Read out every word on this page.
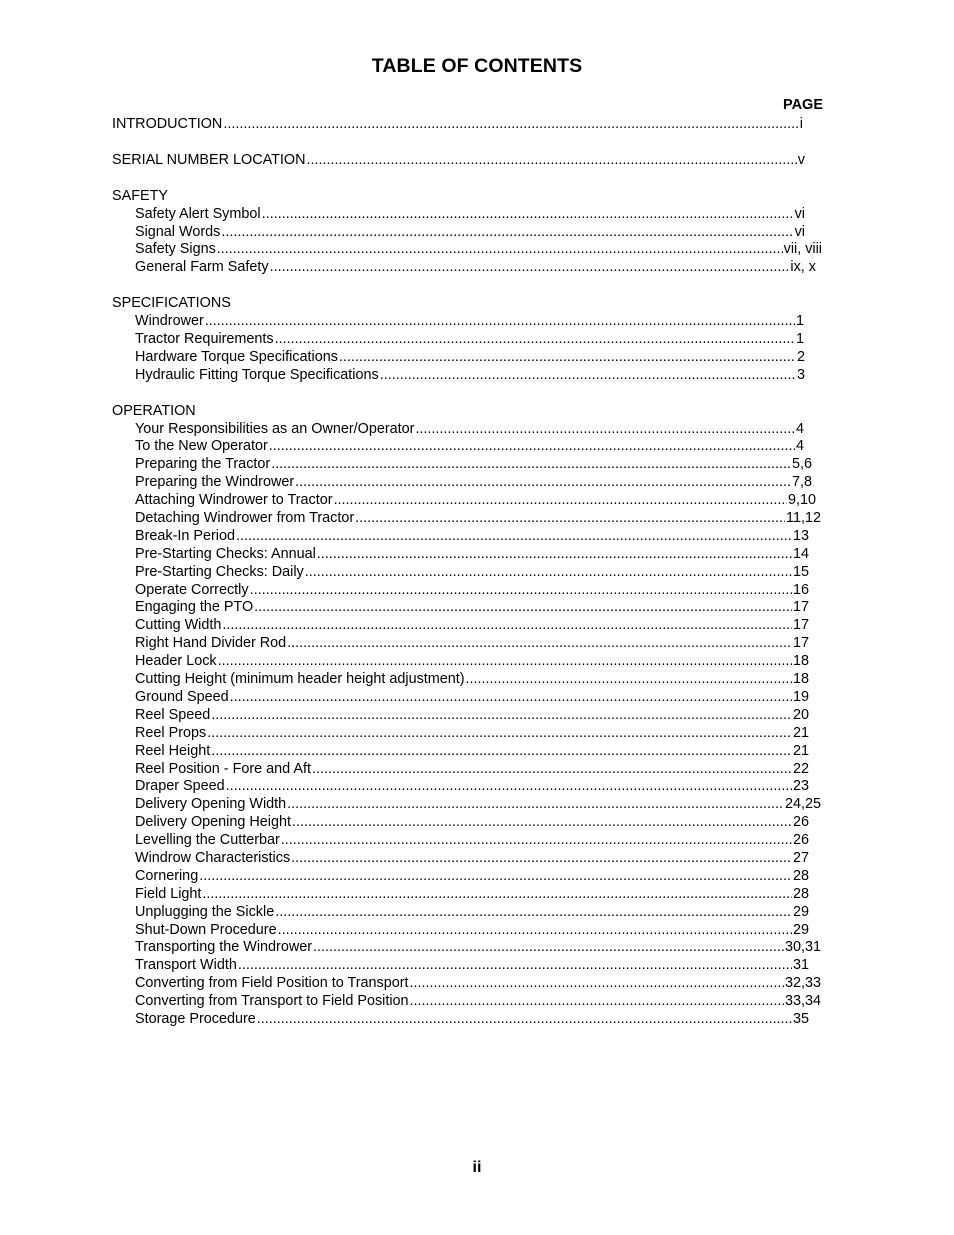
TABLE OF CONTENTS
PAGE
INTRODUCTION .....	i
SERIAL NUMBER LOCATION .....	v
SAFETY
Safety Alert Symbol .....	vi
Signal Words .....	vi
Safety Signs .....	vii, viii
General Farm Safety .....	ix, x
SPECIFICATIONS
Windrower .....	1
Tractor Requirements .....	1
Hardware Torque Specifications .....	2
Hydraulic Fitting Torque Specifications .....	3
OPERATION
Your Responsibilities as an Owner/Operator .....	4
To the New Operator .....	4
Preparing the Tractor .....	5,6
Preparing the Windrower .....	7,8
Attaching Windrower to Tractor .....	9,10
Detaching Windrower from Tractor .....	11,12
Break-In Period .....	13
Pre-Starting Checks: Annual .....	14
Pre-Starting Checks: Daily .....	15
Operate Correctly .....	16
Engaging the PTO .....	17
Cutting Width .....	17
Right Hand Divider Rod .....	17
Header Lock .....	18
Cutting Height (minimum header height adjustment) .....	18
Ground Speed .....	19
Reel Speed .....	20
Reel Props .....	21
Reel Height .....	21
Reel Position - Fore and Aft .....	22
Draper Speed .....	23
Delivery Opening Width .....	24,25
Delivery Opening Height .....	26
Levelling the Cutterbar .....	26
Windrow Characteristics .....	27
Cornering .....	28
Field Light .....	28
Unplugging the Sickle .....	29
Shut-Down Procedure .....	29
Transporting the Windrower .....	30,31
Transport Width .....	31
Converting from Field Position to Transport .....	32,33
Converting from Transport to Field Position .....	33,34
Storage Procedure .....	35
ii
